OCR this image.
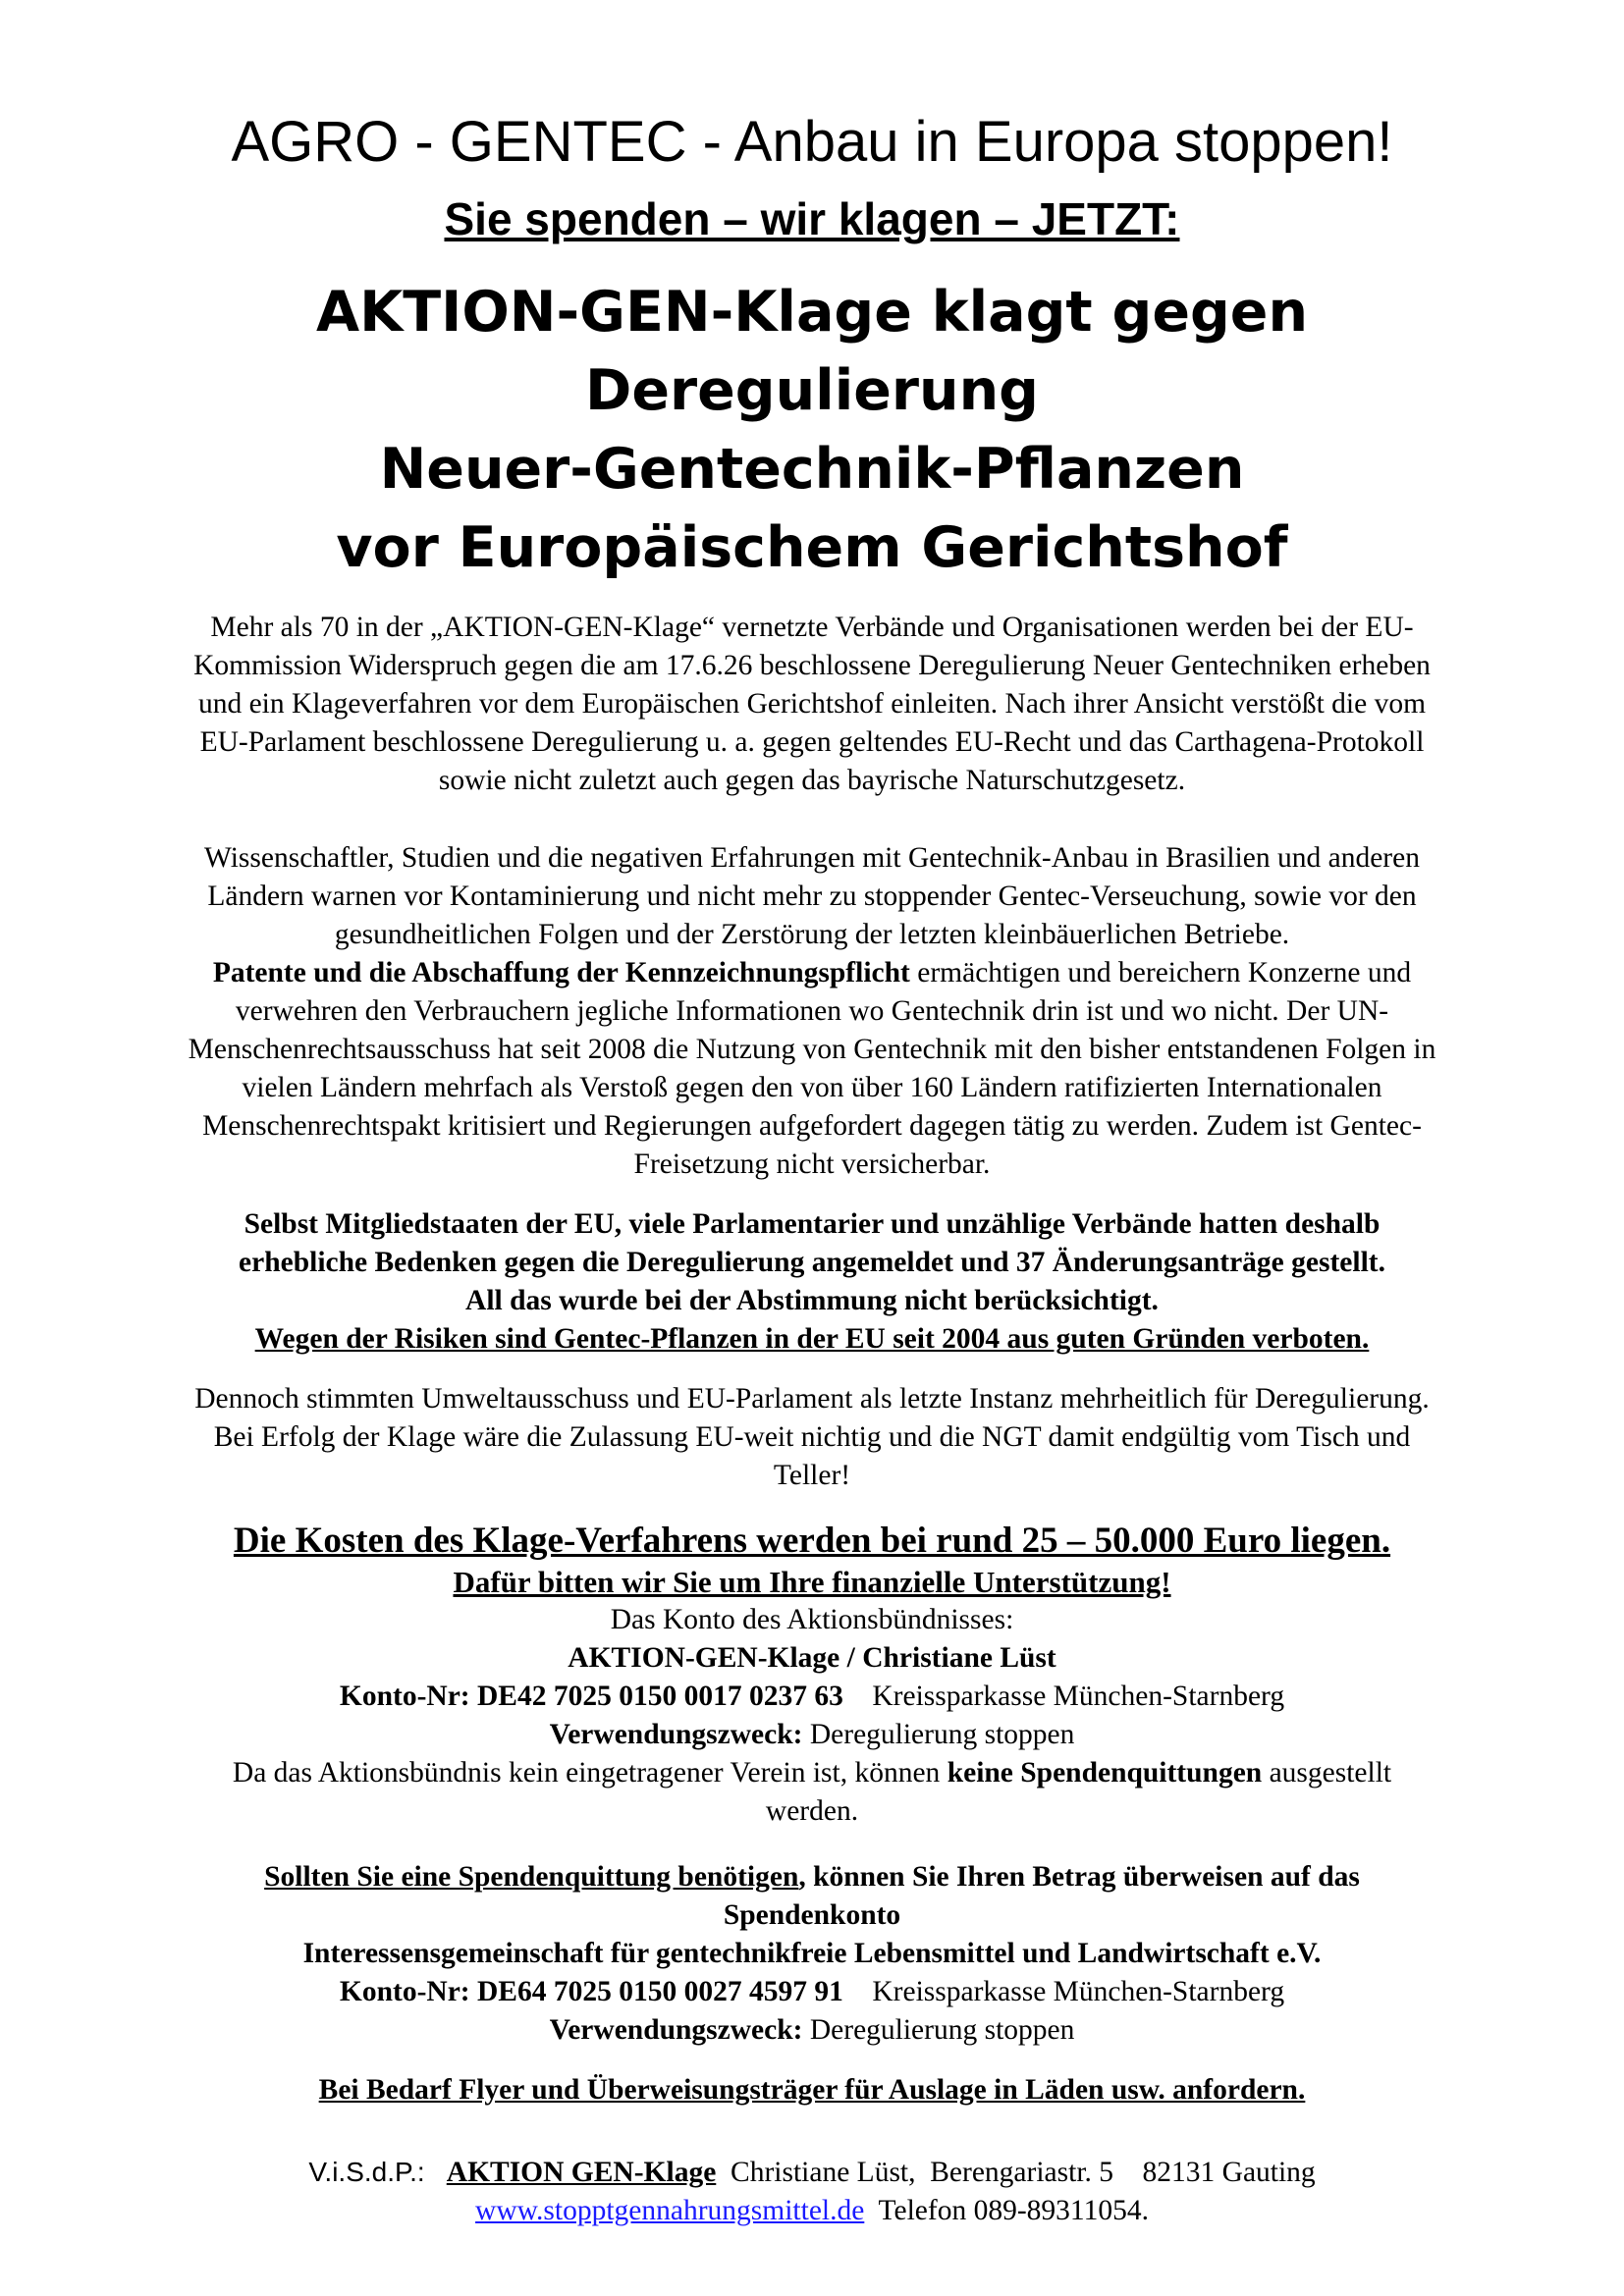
AGRO - GENTEC - Anbau in Europa stoppen!
Sie spenden – wir klagen – JETZT:
AKTION-GEN-Klage klagt gegen Deregulierung
Neuer-Gentechnik-Pflanzen
vor Europäischem Gerichtshof
Mehr als 70 in der „AKTION-GEN-Klage“ vernetzte Verbände und Organisationen werden bei der EU-
Kommission Widerspruch gegen die am 17.6.26 beschlossene Deregulierung Neuer Gentechniken erheben
und ein Klageverfahren vor dem Europäischen Gerichtshof einleiten. Nach ihrer Ansicht verstößt die vom
EU-Parlament beschlossene Deregulierung u. a. gegen geltendes EU-Recht und das Carthagena-Protokoll
sowie nicht zuletzt auch gegen das bayrische Naturschutzgesetz.
Wissenschaftler, Studien und die negativen Erfahrungen mit Gentechnik-Anbau in Brasilien und anderen
Ländern warnen vor Kontaminierung und nicht mehr zu stoppender Gentec-Verseuchung, sowie vor den
gesundheitlichen Folgen und der Zerstörung der letzten kleinbäuerlichen Betriebe.
Patente und die Abschaffung der Kennzeichnungspflicht ermächtigen und bereichern Konzerne und
verwehren den Verbrauchern jegliche Informationen wo Gentechnik drin ist und wo nicht. Der UN-
Menschenrechtsausschuss hat seit 2008 die Nutzung von Gentechnik mit den bisher entstandenen Folgen in
vielen Ländern mehrfach als Verstoß gegen den von über 160 Ländern ratifizierten Internationalen
Menschenrechtspakt kritisiert und Regierungen aufgefordert dagegen tätig zu werden. Zudem ist Gentec-
Freisetzung nicht versicherbar.
Selbst Mitgliedstaaten der EU, viele Parlamentarier und unzählige Verbände hatten deshalb
erhebliche Bedenken gegen die Deregulierung angemeldet und 37 Änderungsanträge gestellt.
All das wurde bei der Abstimmung nicht berücksichtigt.
Wegen der Risiken sind Gentec-Pflanzen in der EU seit 2004 aus guten Gründen verboten.
Dennoch stimmten Umweltausschuss und EU-Parlament als letzte Instanz mehrheitlich für Deregulierung.
Bei Erfolg der Klage wäre die Zulassung EU-weit nichtig und die NGT damit endgültig vom Tisch und
Teller!
Die Kosten des Klage-Verfahrens werden bei rund 25 – 50.000 Euro liegen.
Dafür bitten wir Sie um Ihre finanzielle Unterstützung!
Das Konto des Aktionsbündnisses:
AKTION-GEN-Klage / Christiane Lüst
Konto-Nr: DE42 7025 0150 0017 0237 63    Kreissparkasse München-Starnberg
Verwendungszweck: Deregulierung stoppen
Da das Aktionsbündnis kein eingetragener Verein ist, können keine Spendenquittungen ausgestellt
werden.
Sollten Sie eine Spendenquittung benötigen, können Sie Ihren Betrag überweisen auf das
Spendenkonto
Interessensgemeinschaft für gentechnikfreie Lebensmittel und Landwirtschaft e.V.
Konto-Nr: DE64 7025 0150 0027 4597 91    Kreissparkasse München-Starnberg
Verwendungszweck: Deregulierung stoppen
Bei Bedarf Flyer und Überweisungsträger für Auslage in Läden usw. anfordern.
V.i.S.d.P.: AKTION GEN-Klage  Christiane Lüst,  Berengariastr. 5    82131 Gauting
www.stopptgennahrungsmittel.de  Telefon 089-89311054.
